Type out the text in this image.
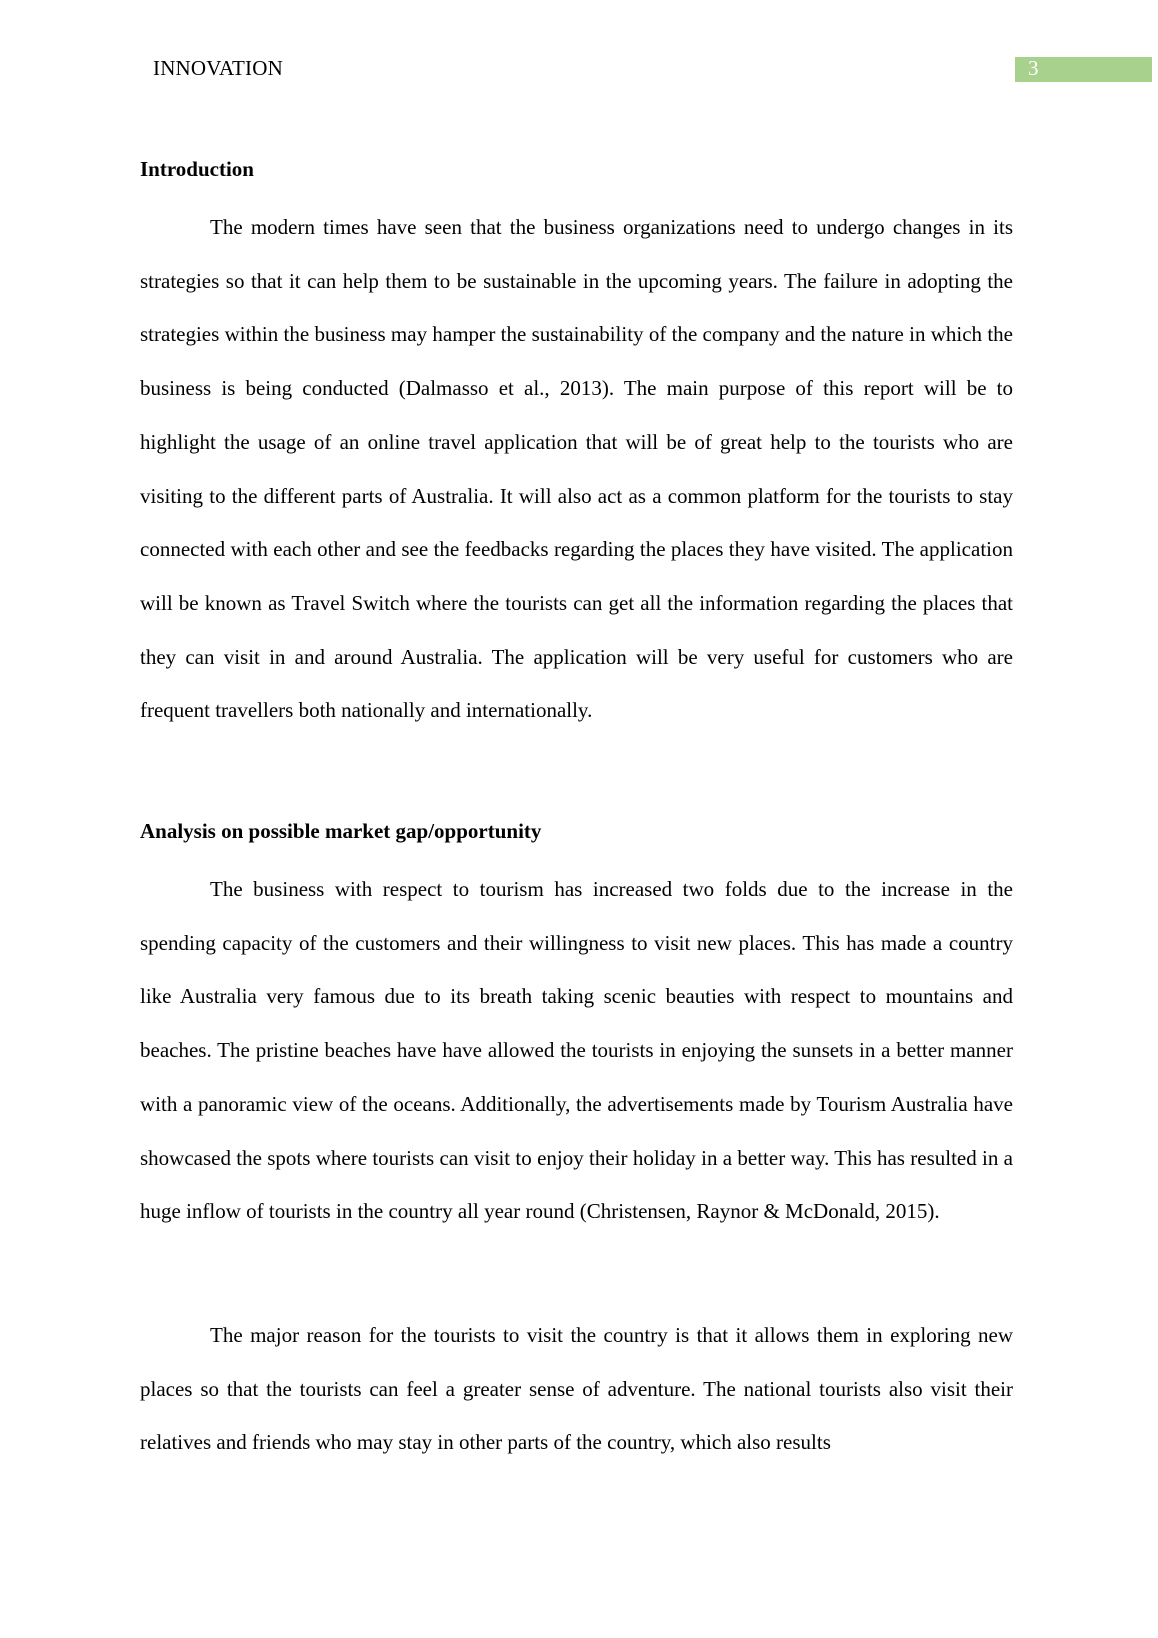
INNOVATION	3
Introduction

The modern times have seen that the business organizations need to undergo changes in its strategies so that it can help them to be sustainable in the upcoming years. The failure in adopting the strategies within the business may hamper the sustainability of the company and the nature in which the business is being conducted (Dalmasso et al., 2013). The main purpose of this report will be to highlight the usage of an online travel application that will be of great help to the tourists who are visiting to the different parts of Australia. It will also act as a common platform for the tourists to stay connected with each other and see the feedbacks regarding the places they have visited. The application will be known as Travel Switch where the tourists can get all the information regarding the places that they can visit in and around Australia. The application will be very useful for customers who are frequent travellers both nationally and internationally.

Analysis on possible market gap/opportunity

The business with respect to tourism has increased two folds due to the increase in the spending capacity of the customers and their willingness to visit new places. This has made a country like Australia very famous due to its breath taking scenic beauties with respect to mountains and beaches. The pristine beaches have have allowed the tourists in enjoying the sunsets in a better manner with a panoramic view of the oceans. Additionally, the advertisements made by Tourism Australia have showcased the spots where tourists can visit to enjoy their holiday in a better way. This has resulted in a huge inflow of tourists in the country all year round (Christensen, Raynor & McDonald, 2015).

The major reason for the tourists to visit the country is that it allows them in exploring new places so that the tourists can feel a greater sense of adventure. The national tourists also visit their relatives and friends who may stay in other parts of the country, which also results
